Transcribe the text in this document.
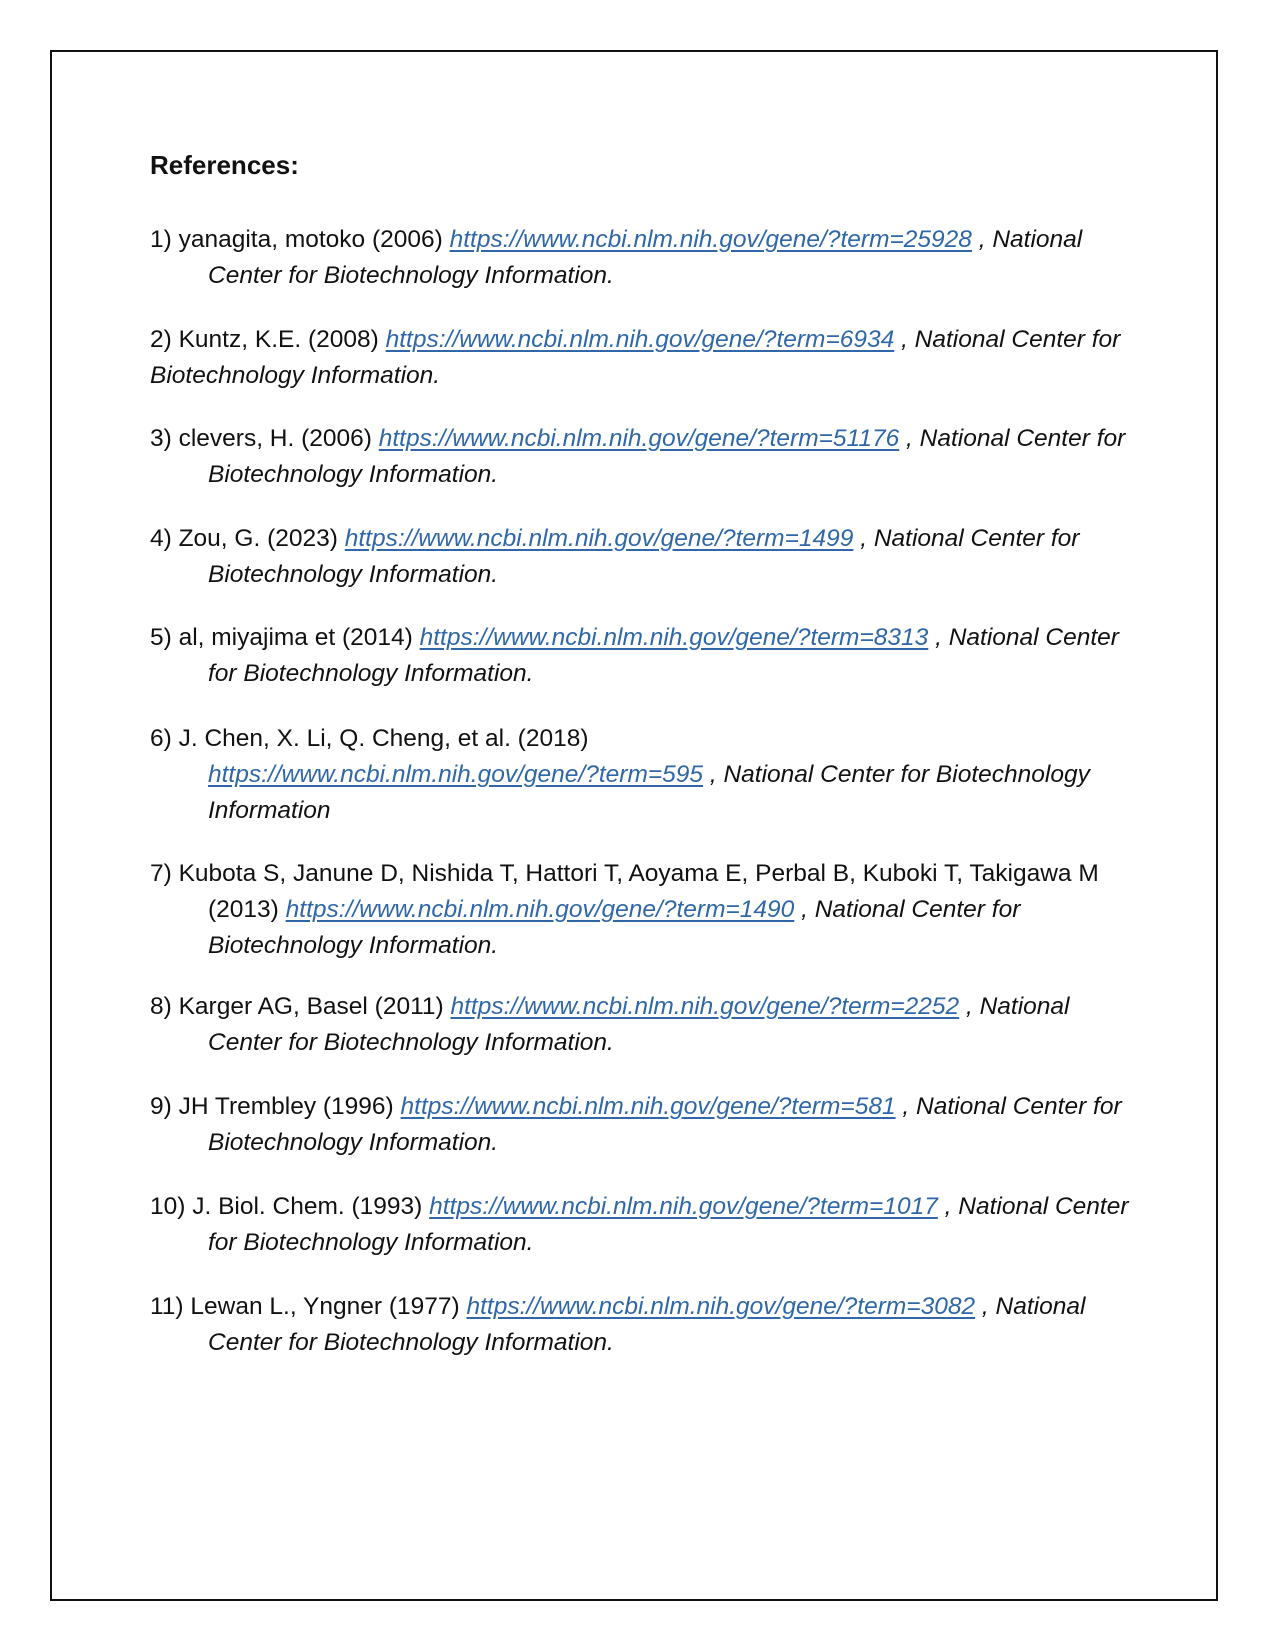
References:

1) yanagita, motoko (2006) https://www.ncbi.nlm.nih.gov/gene/?term=25928 , National Center for Biotechnology Information.

2) Kuntz, K.E. (2008) https://www.ncbi.nlm.nih.gov/gene/?term=6934 , National Center for Biotechnology Information.

3) clevers, H. (2006) https://www.ncbi.nlm.nih.gov/gene/?term=51176 , National Center for Biotechnology Information.

4) Zou, G. (2023) https://www.ncbi.nlm.nih.gov/gene/?term=1499 , National Center for Biotechnology Information.

5) al, miyajima et (2014) https://www.ncbi.nlm.nih.gov/gene/?term=8313 , National Center for Biotechnology Information.

6) J. Chen, X. Li, Q. Cheng, et al. (2018)
https://www.ncbi.nlm.nih.gov/gene/?term=595 , National Center for Biotechnology Information

7) Kubota S, Janune D, Nishida T, Hattori T, Aoyama E, Perbal B, Kuboki T, Takigawa M (2013) https://www.ncbi.nlm.nih.gov/gene/?term=1490 , National Center for Biotechnology Information.

8) Karger AG, Basel (2011) https://www.ncbi.nlm.nih.gov/gene/?term=2252 , National Center for Biotechnology Information.

9) JH Trembley (1996) https://www.ncbi.nlm.nih.gov/gene/?term=581 , National Center for Biotechnology Information.

10) J. Biol. Chem. (1993) https://www.ncbi.nlm.nih.gov/gene/?term=1017 , National Center for Biotechnology Information.

11) Lewan L., Yngner (1977) https://www.ncbi.nlm.nih.gov/gene/?term=3082 , National Center for Biotechnology Information.
